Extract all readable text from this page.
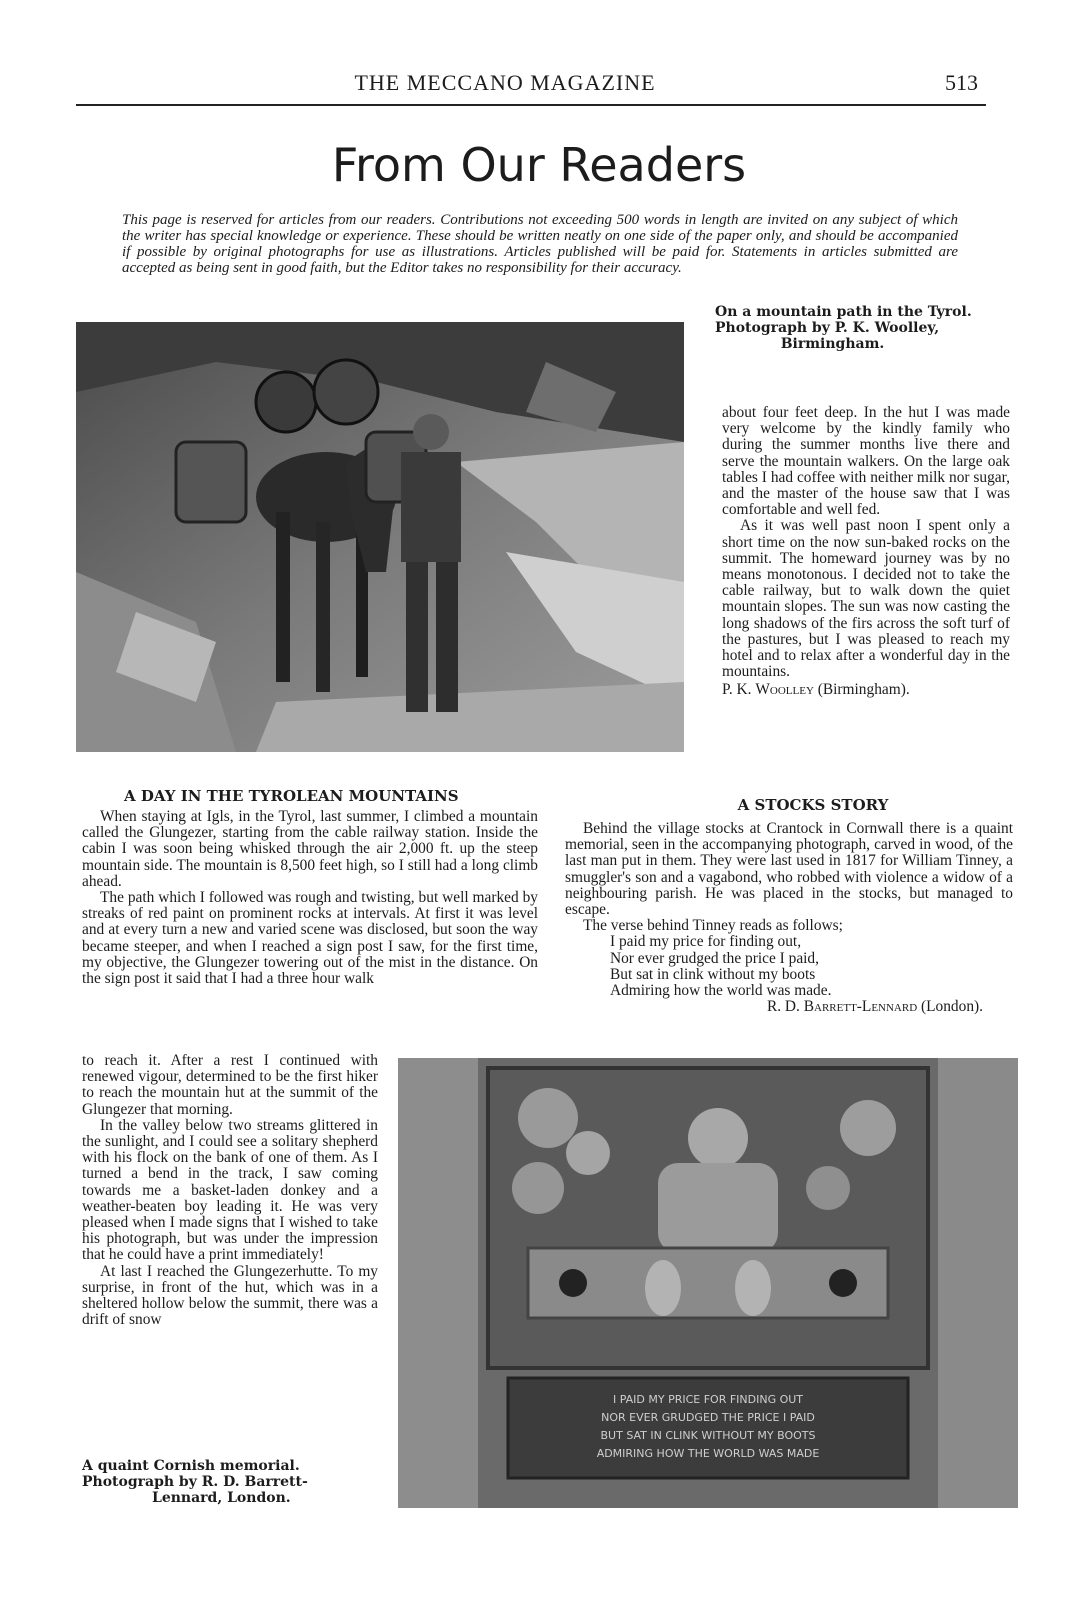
THE MECCANO MAGAZINE	513
From Our Readers
This page is reserved for articles from our readers. Contributions not exceeding 500 words in length are invited on any subject of which the writer has special knowledge or experience. These should be written neatly on one side of the paper only, and should be accompanied if possible by original photographs for use as illustrations. Articles published will be paid for. Statements in articles submitted are accepted as being sent in good faith, but the Editor takes no responsibility for their accuracy.
On a mountain path in the Tyrol.
Photograph by P. K. Woolley,
Birmingham.

about four feet deep. In the hut I was made very welcome by the kindly family who during the summer months live there and serve the mountain walkers. On the large oak tables I had coffee with neither milk nor sugar, and the master of the house saw that I was comfortable and well fed.

As it was well past noon I spent only a short time on the now sun-baked rocks on the summit. The homeward journey was by no means monotonous. I decided not to take the cable railway, but to walk down the quiet mountain slopes. The sun was now casting the long shadows of the firs across the soft turf of the pastures, but I was pleased to reach my hotel and to relax after a wonderful day in the mountains.

P. K. Woolley (Birmingham).
A DAY IN THE TYROLEAN MOUNTAINS	A STOCKS STORY

When staying at Igls, in the Tyrol, last summer, I climbed a mountain called the Glungezer, starting from the cable railway station. Inside the cabin I was soon being whisked through the air 2,000 ft. up the steep mountain side. The mountain is 8,500 feet high, so I still had a long climb ahead.

The path which I followed was rough and twisting, but well marked by streaks of red paint on prominent rocks at intervals. At first it was level and at every turn a new and varied scene was disclosed, but soon the way became steeper, and when I reached a sign post I saw, for the first time, my objective, the Glungezer towering out of the mist in the distance. On the sign post it said that I had a three hour walk

to reach it. After a rest I continued with renewed vigour, determined to be the first hiker to reach the mountain hut at the summit of the Glungezer that morning.

In the valley below two streams glittered in the sunlight, and I could see a solitary shepherd with his flock on the bank of one of them. As I turned a bend in the track, I saw coming towards me a basket-laden donkey and a weather-beaten boy leading it. He was very pleased when I made signs that I wished to take his photograph, but was under the impression that he could have a print immediately!

At last I reached the Glungezerhutte. To my surprise, in front of the hut, which was in a sheltered hollow below the summit, there was a drift of snow

Behind the village stocks at Crantock in Cornwall there is a quaint memorial, seen in the accompanying photograph, carved in wood, of the last man put in them. They were last used in 1817 for William Tinney, a smuggler's son and a vagabond, who robbed with violence a widow of a neighbouring parish. He was placed in the stocks, but managed to escape.

The verse behind Tinney reads as follows;

I paid my price for finding out,

Nor ever grudged the price I paid,

But sat in clink without my boots

Admiring how the world was made.

R. D. Barrett-Lennard (London).
I PAID MY PRICE FOR FINDING OUT
NOR EVER GRUDGED THE PRICE I PAID
BUT SAT IN CLINK WITHOUT MY BOOTS
ADMIRING HOW THE WORLD WAS MADE
A quaint Cornish memorial.
Photograph by R. D. Barrett-
Lennard, London.
